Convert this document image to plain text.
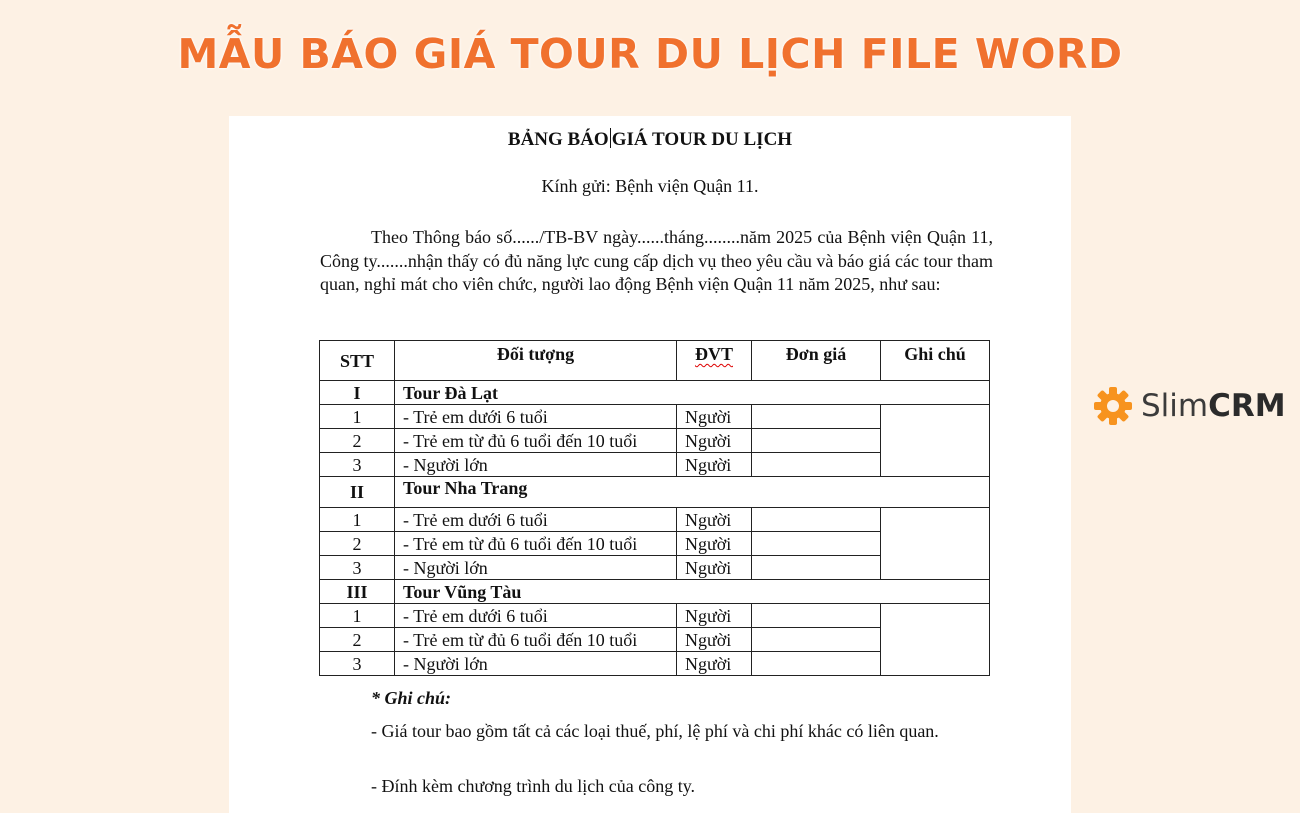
MẪU BÁO GIÁ TOUR DU LỊCH FILE WORD
Slim CRM
BẢNG BÁO GIÁ TOUR DU LỊCH
Kính gửi: Bệnh viện Quận 11.

Theo Thông báo số....../TB-BV ngày......tháng........năm 2025 của Bệnh viện Quận 11, Công ty.......nhận thấy có đủ năng lực cung cấp dịch vụ theo yêu cầu và báo giá các tour tham quan, nghỉ mát cho viên chức, người lao động Bệnh viện Quận 11 năm 2025, như sau:

STT	Đối tượng	ĐVT	Đơn giá	Ghi chú
I	Tour Đà Lạt			
1	- Trẻ em dưới 6 tuổi	Người		
2	- Trẻ em từ đủ 6 tuổi đến 10 tuổi	Người		
3	- Người lớn	Người		
II	Tour Nha Trang			
1	- Trẻ em dưới 6 tuổi	Người		
2	- Trẻ em từ đủ 6 tuổi đến 10 tuổi	Người		
3	- Người lớn	Người		
III	Tour Vũng Tàu			
1	- Trẻ em dưới 6 tuổi	Người		
2	- Trẻ em từ đủ 6 tuổi đến 10 tuổi	Người		
3	- Người lớn	Người		
* Ghi chú:

- Giá tour bao gồm tất cả các loại thuế, phí, lệ phí và chi phí khác có liên quan.

- Đính kèm chương trình du lịch của công ty.
